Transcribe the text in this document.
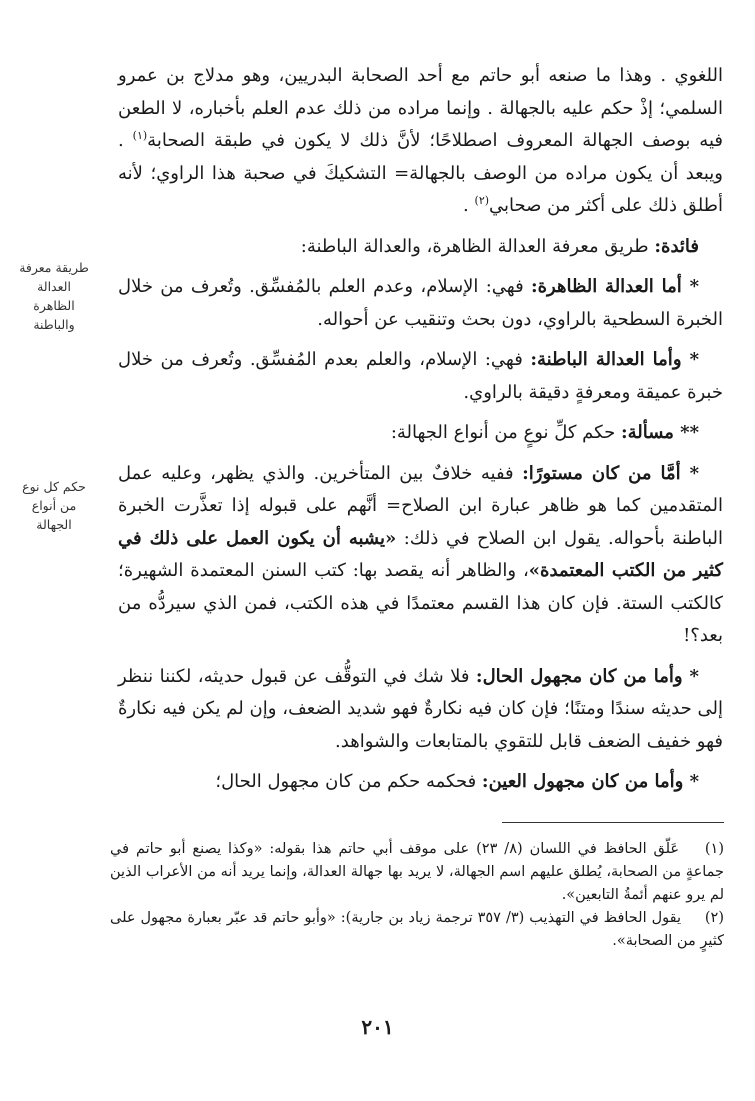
اللغوي . وهذا ما صنعه أبو حاتم مع أحد الصحابة البدريين، وهو مدلاج بن عمرو السلمي؛ إذْ حكم عليه بالجهالة . وإنما مراده من ذلك عدم العلم بأخباره، لا الطعن فيه بوصف الجهالة المعروف اصطلاحًا؛ لأنَّ ذلك لا يكون في طبقة الصحابة$^{(١)}$ . ويبعد أن يكون مراده من الوصف بالجهالة= التشكيكَ في صحبة هذا الراوي؛ لأنه أطلق ذلك على أكثر من صحابي$^{(٢)}$ .

فائدة: طريق معرفة العدالة الظاهرة، والعدالة الباطنة:

* أما العدالة الظاهرة: فهي: الإسلام، وعدم العلم بالمُفسِّق. وتُعرف من خلال الخبرة السطحية بالراوي، دون بحث وتنقيب عن أحواله.

* وأما العدالة الباطنة: فهي: الإسلام، والعلم بعدم المُفسِّق. وتُعرف من خلال خبرة عميقة ومعرفةٍ دقيقة بالراوي.

** مسألة: حكم كلِّ نوعٍ من أنواع الجهالة:

* أمَّا من كان مستورًا: ففيه خلافٌ بين المتأخرين. والذي يظهر، وعليه عمل المتقدمين كما هو ظاهر عبارة ابن الصلاح= أنَّهم على قبوله إذا تعذَّرت الخبرة الباطنة بأحواله. يقول ابن الصلاح في ذلك: «يشبه أن يكون العمل على ذلك في كثير من الكتب المعتمدة»، والظاهر أنه يقصد بها: كتب السنن المعتمدة الشهيرة؛ كالكتب الستة. فإن كان هذا القسم معتمدًا في هذه الكتب، فمن الذي سيردُّه من بعد؟!

* وأما من كان مجهول الحال: فلا شك في التوقُّف عن قبول حديثه، لكننا ننظر إلى حديثه سندًا ومتنًا؛ فإن كان فيه نكارةٌ فهو شديد الضعف، وإن لم يكن فيه نكارةٌ فهو خفيف الضعف قابل للتقوي بالمتابعات والشواهد.

* وأما من كان مجهول العين: فحكمه حكم من كان مجهول الحال؛

طريقة معرفة
العدالة
الظاهرة
والباطنة
حكم كل نوع
من أنواع
الجهالة

(١) عَلّق الحافظ في اللسان (٨/ ٢٣) على موقف أبي حاتم هذا بقوله: «وكذا يصنع أبو حاتم في جماعةٍ من الصحابة، يُطلق عليهم اسم الجهالة، لا يريد بها جهالة العدالة، وإنما يريد أنه من الأعراب الذين لم يرو عنهم أئمةُ التابعين».

(٢) يقول الحافظ في التهذيب (٣/ ٣٥٧ ترجمة زياد بن جارية): «وأبو حاتم قد عبّر بعبارة مجهول على كثيرٍ من الصحابة».

٢٠١
